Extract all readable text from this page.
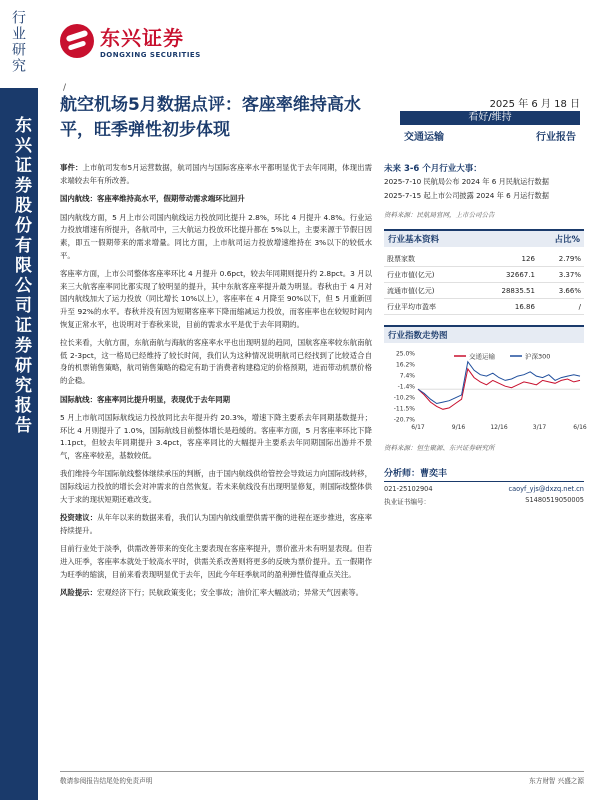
行业研究
东兴证券股份有限公司证券研究报告
东兴证券
DONGXING SECURITIES
/
航空机场5月数据点评：客座率维持高水平，旺季弹性初步体现
2025 年 6 月 18 日
看好/维持
交通运输	行业报告

事件：上市航司发布5月运营数据，航司国内与国际客座率水平都明显优于去年同期，体现出需求端较去年有所改善。

国内航线：客座率维持高水平，假期带动需求端环比回升

国内航线方面，5 月上市公司国内航线运力投放同比提升 2.8%，环比 4 月提升 4.8%。行业运力投放增速有所提升，各航司中，三大航运力投放环比提升都在 5%以上，主要来源于节假日因素，即五一假期带来的需求增量。同比方面，上市航司运力投放增速维持在 3%以下的较低水平。

客座率方面，上市公司整体客座率环比 4 月提升 0.6pct，较去年同期则提升约 2.8pct。3 月以来三大航客座率同比都实现了较明显的提升，其中东航客座率提升最为明显。春秋由于 4 月对国内航线加大了运力投放（同比增长 10%以上），客座率在 4 月降至 90%以下，但 5 月重新回升至 92%的水平。春秋并没有因为短期客座率下降而缩减运力投放，而客座率也在较短时间内恢复正常水平，也说明对于春秋来说，目前的需求水平是优于去年同期的。

拉长来看，大航方面，东航南航与海航的客座率水平也出现明显的趋同，国航客座率较东航南航低 2-3pct，这一格局已经维持了较长时间，我们认为这种情况说明航司已经找到了比较适合自身的机票销售策略，航司销售策略的稳定有助于消费者构建稳定的价格预期，进而带动机票价格的企稳。

国际航线：客座率同比提升明显，表现优于去年同期

5 月上市航司国际航线运力投放同比去年提升约 20.3%，增速下降主要系去年同期基数提升；环比 4 月则提升了 1.0%，国际航线目前整体增长是趋缓的。客座率方面，5 月客座率环比下降 1.1pct，但较去年同期提升 3.4pct，客座率同比的大幅提升主要系去年同期国际出游并不景气，客座率较差，基数较低。

我们维持今年国际航线整体继续承压的判断，由于国内航线供给管控会导致运力向国际线转移，国际线运力投放的增长会对冲需求的自然恢复。若未来航线没有出现明显修复，则国际线整体供大于求的现状短期还难改变。

投资建议：从年年以来的数据来看，我们认为国内航线重塑供需平衡的进程在逐步推进，客座率持续提升。

目前行业处于淡季，供需改善带来的变化主要表现在客座率提升，票价涨升未有明显表现。但若进入旺季，客座率本就处于较高水平时，供需关系改善则将更多的反映为票价提升。五一假期作为旺季的缩演，目前来看表现明显优于去年，因此今年旺季航司的盈利弹性值得重点关注。

风险提示：宏观经济下行；民航政策变化；安全事故；油价汇率大幅波动；异常天气因素等。

未来 3-6 个月行业大事：
2025-7-10 民航局公布 2024 年 6 月民航运行数据
2025-7-15 起上市公司披露 2024 年 6 月运行数据
资料来源：民航局官网，上市公司公告
行业基本资料	占比%
股票家数	126	2.79%
行业市值(亿元)	32667.1	3.37%
流通市值(亿元)	28835.51	3.66%
行业平均市盈率	16.86	/
行业指数走势图
25.0%
16.2%
7.4%
-1.4%
-10.2%
-11.5%
-20.7%
6/17	9/16	12/16	3/17	6/16
交通运输	沪深300
资料来源：恒生聚源、东兴证券研究所
分析师：曹奕丰
021-25102904	caoyf_yjs@dxzq.net.cn
执业证书编号：	S1480519050005
敬请参阅报告结尾处的免责声明	东方财智 兴盛之源
